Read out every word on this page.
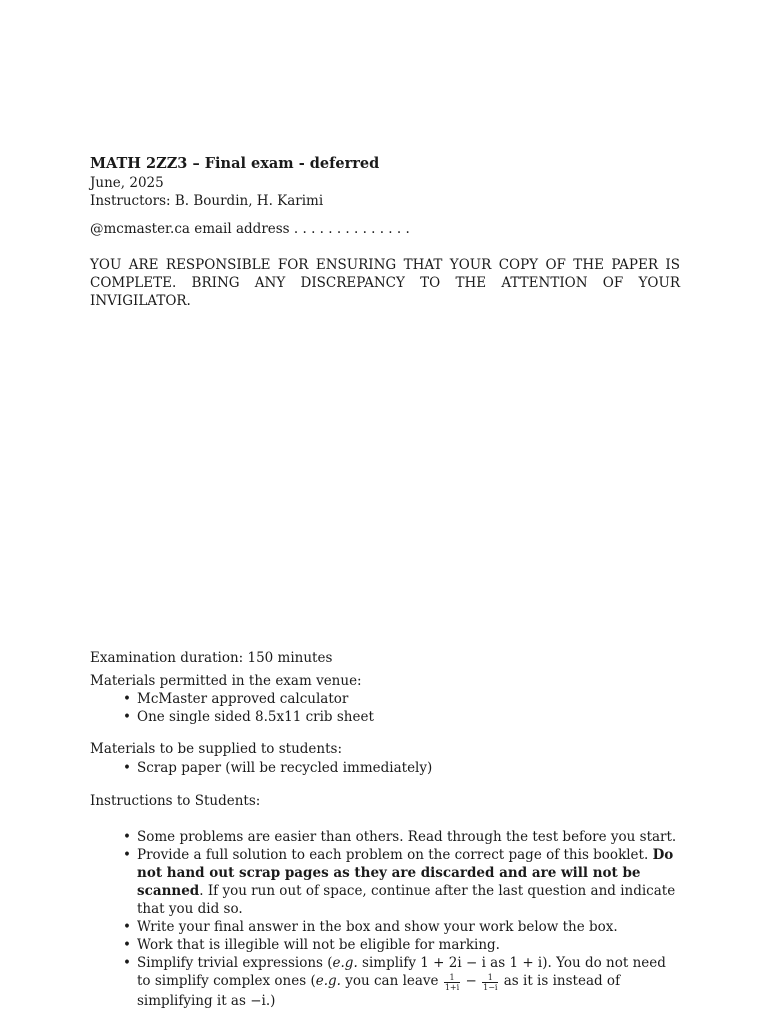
MATH 2ZZ3 – Final exam - deferred
June, 2025
Instructors: B. Bourdin, H. Karimi
@mcmaster.ca email address . . . . . . . . . . . . . .
YOU ARE RESPONSIBLE FOR ENSURING THAT YOUR COPY OF THE PAPER IS COMPLETE. BRING ANY DISCREPANCY TO THE ATTENTION OF YOUR INVIGILATOR.
Examination duration: 150 minutes
Materials permitted in the exam venue:
• McMaster approved calculator
• One single sided 8.5x11 crib sheet
Materials to be supplied to students:
• Scrap paper (will be recycled immediately)
Instructions to Students:
• Some problems are easier than others. Read through the test before you start.
• Provide a full solution to each problem on the correct page of this booklet. Do not hand out scrap pages as they are discarded and are will not be scanned. If you run out of space, continue after the last question and indicate that you did so.
• Write your final answer in the box and show your work below the box.
• Work that is illegible will not be eligible for marking.
• Simplify trivial expressions (e.g. simplify 1 + 2i − i as 1 + i). You do not need to simplify complex ones (e.g. you can leave $\frac{1}{1+i} - \frac{1}{1-i}$ as it is instead of simplifying it as −i.)
